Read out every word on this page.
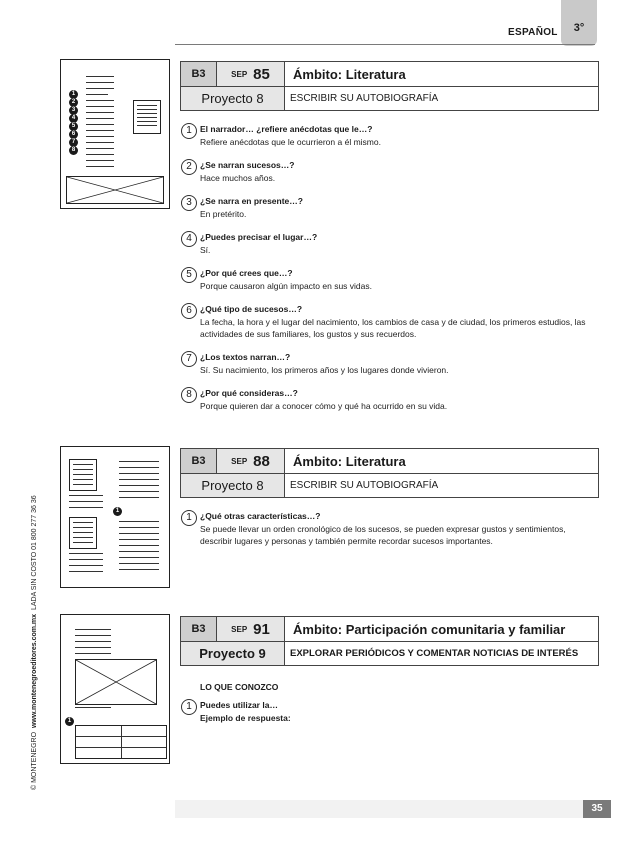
ESPAÑOL	3°
© MONTENEGRO  www.montenegroeditores.com.mx  LADA SIN COSTO 01 800 277 36 36
1
2
3
4
5
6
7
8
B3	SEP 85	Ámbito: Literatura
Proyecto 8	ESCRIBIR SU AUTOBIOGRAFÍA
1 El narrador… ¿refiere anécdotas que le…?
Refiere anécdotas que le ocurrieron a él mismo.
2 ¿Se narran sucesos…?
Hace muchos años.
3 ¿Se narra en presente…?
En pretérito.
4 ¿Puedes precisar el lugar…?
Sí.
5 ¿Por qué crees que…?
Porque causaron algún impacto en sus vidas.
6 ¿Qué tipo de sucesos…?
La fecha, la hora y el lugar del nacimiento, los cambios de casa y de ciudad, los primeros estudios, las actividades de sus familiares, los gustos y sus recuerdos.
7 ¿Los textos narran…?
Sí. Su nacimiento, los primeros años y los lugares donde vivieron.
8 ¿Por qué consideras…?
Porque quieren dar a conocer cómo y qué ha ocurrido en su vida.
1
B3	SEP 88	Ámbito: Literatura
Proyecto 8	ESCRIBIR SU AUTOBIOGRAFÍA
1 ¿Qué otras características…?
Se puede llevar un orden cronológico de los sucesos, se pueden expresar gustos y sentimientos, describir lugares y personas y también permite recordar sucesos importantes.
1
B3	SEP 91	Ámbito: Participación comunitaria y familiar
Proyecto 9	EXPLORAR PERIÓDICOS Y COMENTAR NOTICIAS DE INTERÉS
LO QUE CONOZCO
1 Puedes utilizar la…
Ejemplo de respuesta:
35
